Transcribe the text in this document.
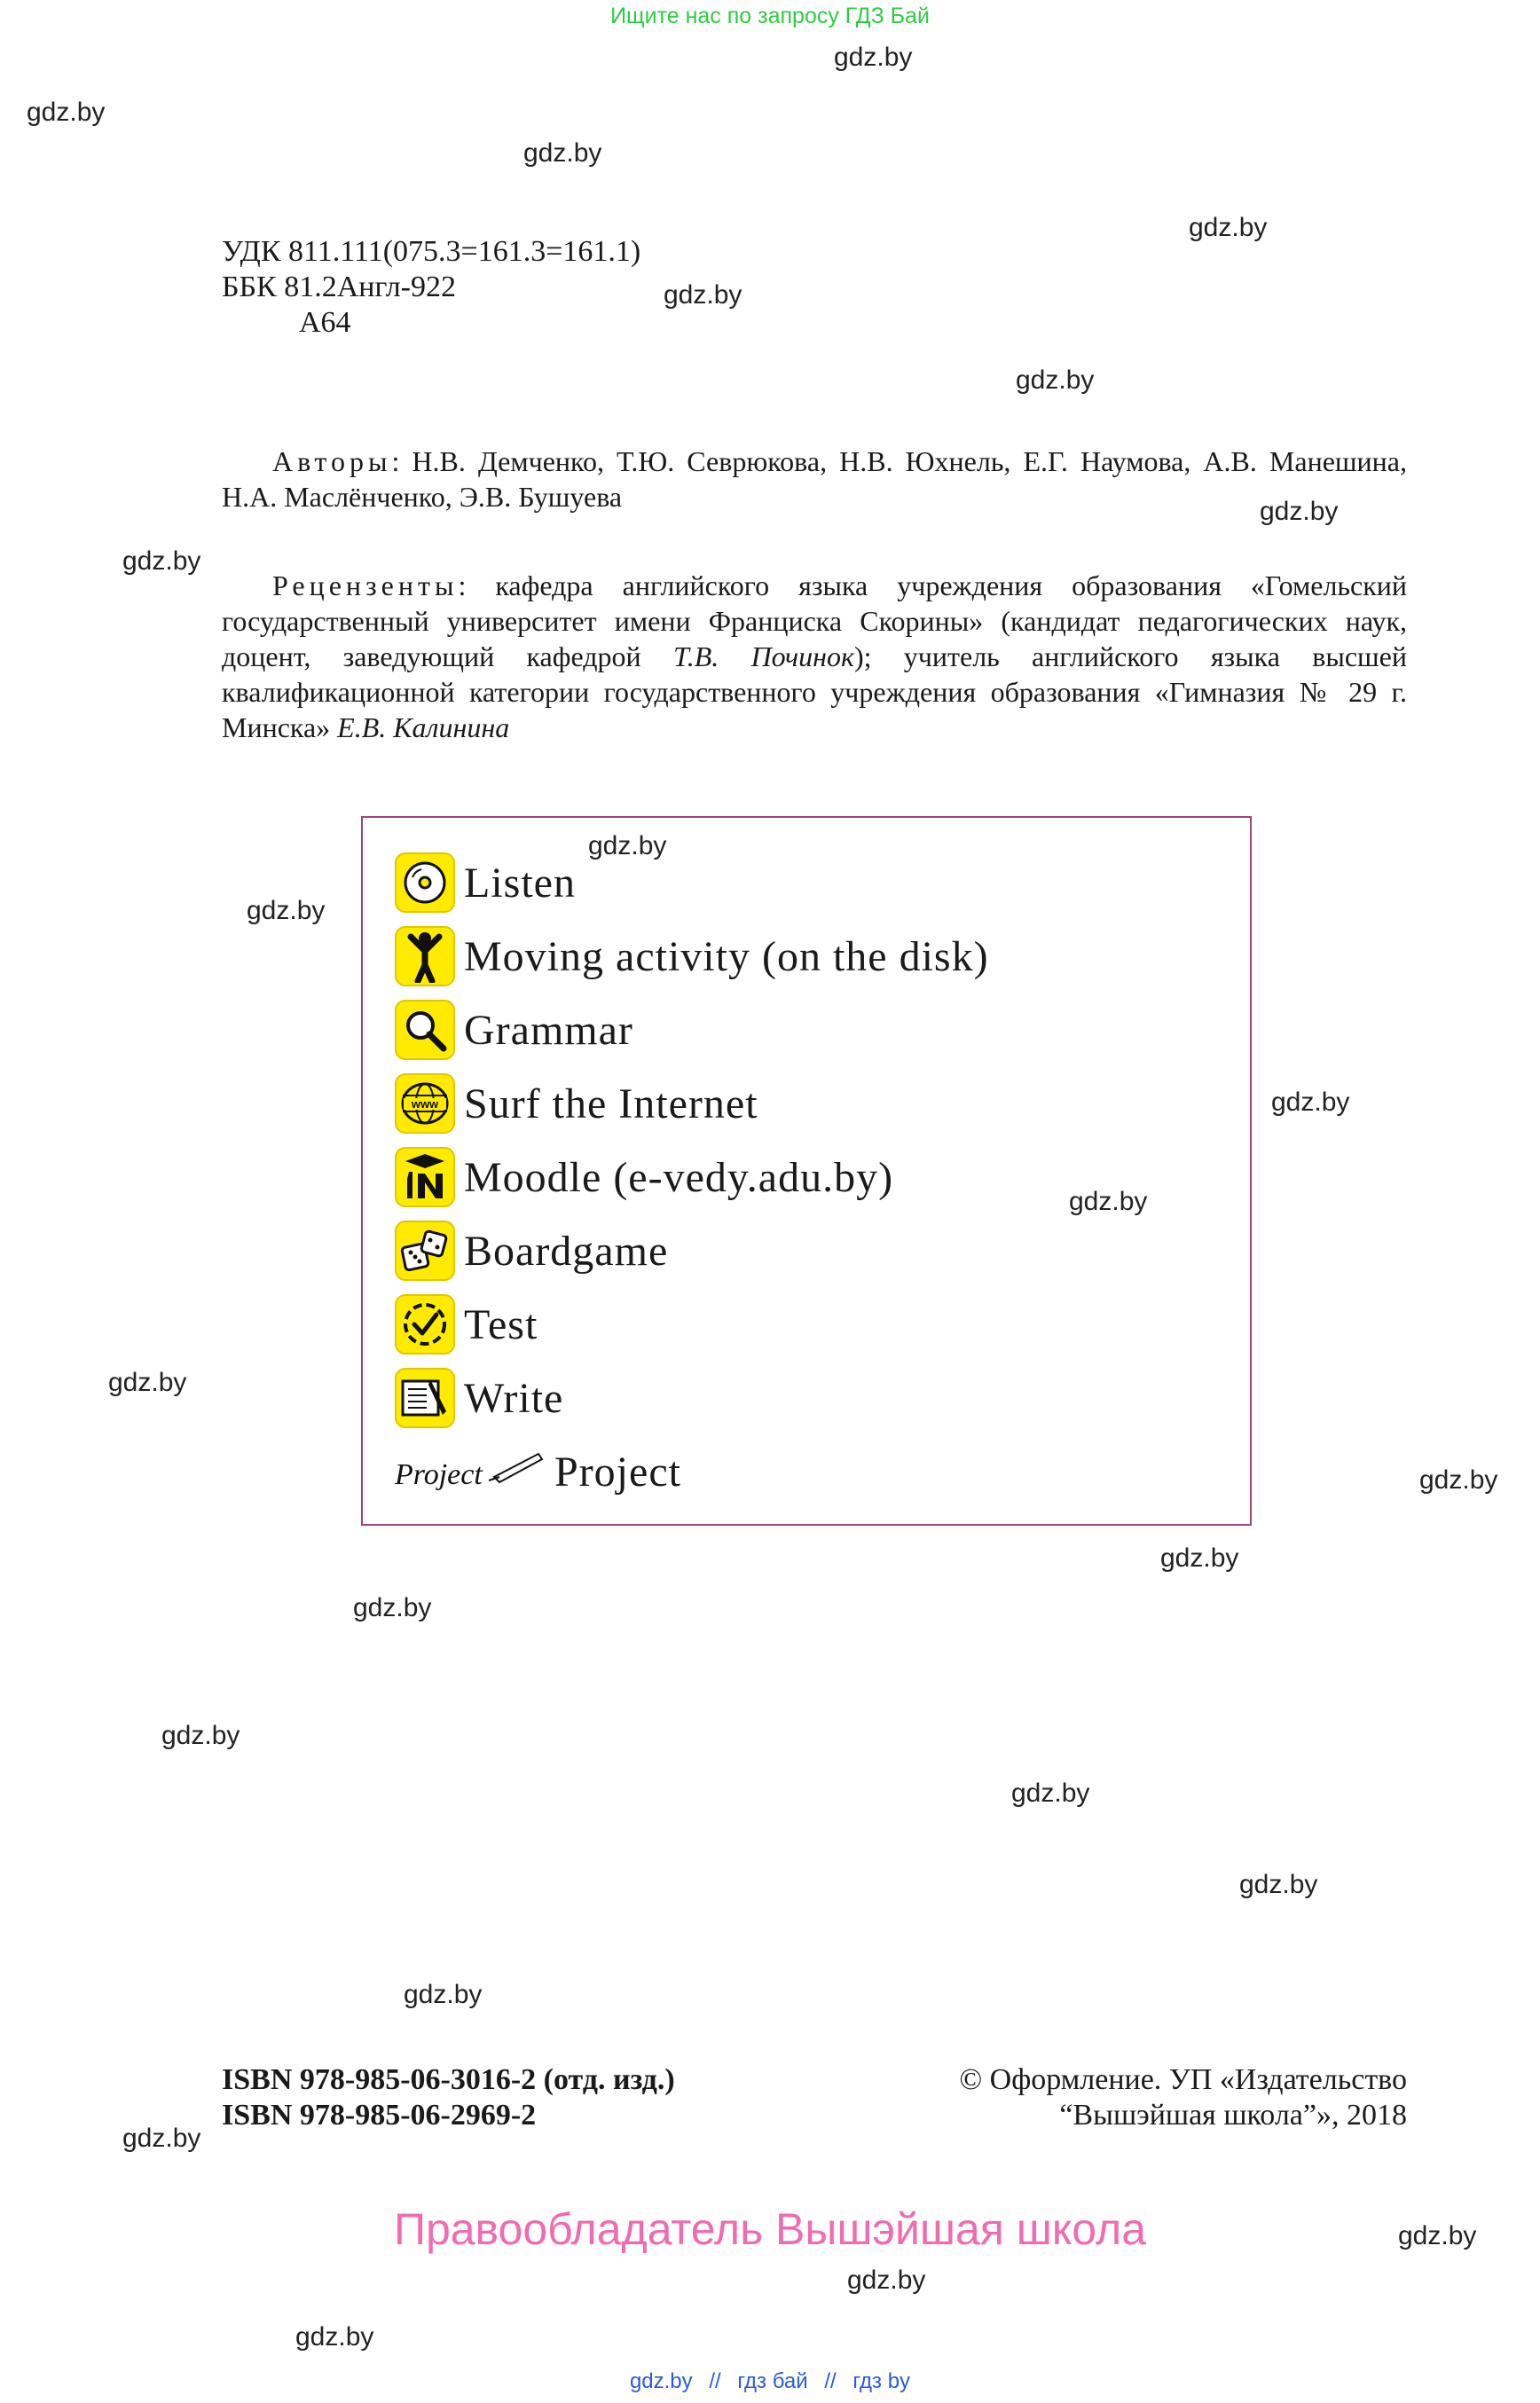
Ищите нас по запросу ГДЗ Бай
gdz.by
gdz.by
gdz.by
gdz.by
gdz.by
gdz.by
gdz.by
gdz.by
gdz.by
gdz.by
gdz.by
gdz.by
gdz.by
gdz.by
gdz.by
gdz.by
gdz.by
gdz.by
gdz.by
gdz.by
gdz.by
gdz.by
gdz.by
gdz.by
УДК 811.111(075.3=161.3=161.1)
ББК 81.2Англ-922
А64
Авторы: Н.В. Демченко, Т.Ю. Севрюкова, Н.В. Юхнель, Е.Г. Наумова, А.В. Манешина, Н.А. Маслёнченко, Э.В. Бушуева
Рецензенты: кафедра английского языка учреждения образования «Гомельский государственный университет имени Франциска Скорины» (кандидат педагогических наук, доцент, заведующий кафедрой Т.В. Починок); учитель английского языка высшей квалификационной категории государственного учреждения образования «Гимназия № 29 г. Минска» Е.В. Калинина
Listen
Moving activity (on the disk)
Grammar
www Surf the Internet
Moodle (e-vedy.adu.by)
Boardgame
Test
Write
Project Project
ISBN 978-985-06-3016-2 (отд. изд.)
ISBN 978-985-06-2969-2
© Оформление. УП «Издательство
“Вышэйшая школа”», 2018
Правообладатель Вышэйшая школа
gdz.by // гдз бай // гдз by
